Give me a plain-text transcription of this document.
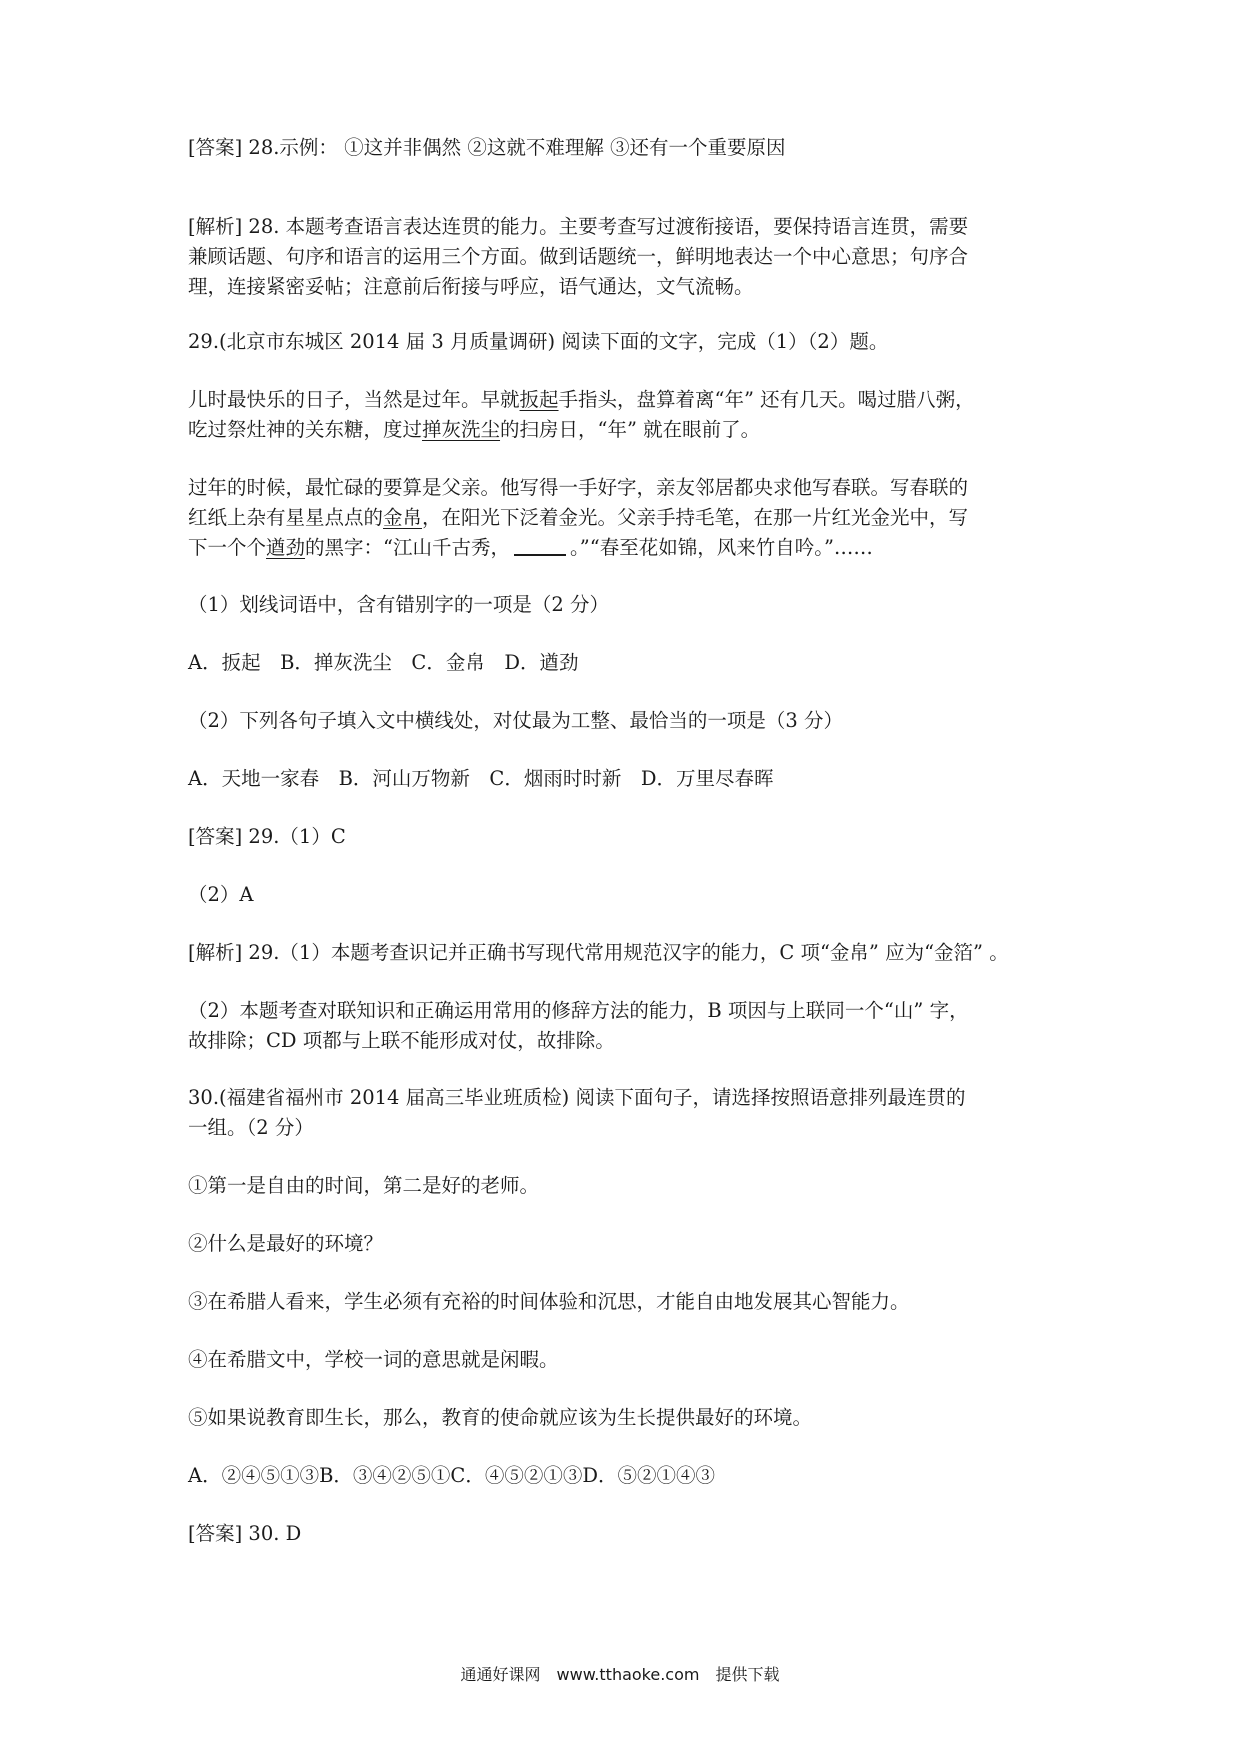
[答案] 28.示例： ①这并非偶然 ②这就不难理解 ③还有一个重要原因

[解析] 28. 本题考查语言表达连贯的能力。主要考查写过渡衔接语，要保持语言连贯，需要

兼顾话题、句序和语言的运用三个方面。做到话题统一，鲜明地表达一个中心意思；句序合

理，连接紧密妥帖；注意前后衔接与呼应，语气通达，文气流畅。

29.(北京市东城区 2014 届 3 月质量调研) 阅读下面的文字，完成（1）（2）题。

儿时最快乐的日子，当然是过年。早就扳起手指头，盘算着离“年” 还有几天。喝过腊八粥，

吃过祭灶神的关东糖，度过掸灰洗尘的扫房日，“年” 就在眼前了。

过年的时候，最忙碌的要算是父亲。他写得一手好字，亲友邻居都央求他写春联。写春联的

红纸上杂有星星点点的金帛，在阳光下泛着金光。父亲手持毛笔，在那一片红光金光中，写

下一个个遒劲的黑字：“江山千古秀，	。”“春至花如锦，风来竹自吟。”……

（1）划线词语中，含有错别字的一项是（2 分）

A．扳起　B．掸灰洗尘　C．金帛　D．遒劲

（2）下列各句子填入文中横线处，对仗最为工整、最恰当的一项是（3 分）

A．天地一家春　B．河山万物新　C．烟雨时时新　D．万里尽春晖

[答案] 29.（1）C

（2）A

[解析] 29.（1）本题考查识记并正确书写现代常用规范汉字的能力，C 项“金帛” 应为“金箔” 。

（2）本题考查对联知识和正确运用常用的修辞方法的能力，B 项因与上联同一个“山” 字，

故排除；CD 项都与上联不能形成对仗，故排除。

30.(福建省福州市 2014 届高三毕业班质检) 阅读下面句子，请选择按照语意排列最连贯的

一组。（2 分）

①第一是自由的时间，第二是好的老师。

②什么是最好的环境？

③在希腊人看来，学生必须有充裕的时间体验和沉思，才能自由地发展其心智能力。

④在希腊文中，学校一词的意思就是闲暇。

⑤如果说教育即生长，那么，教育的使命就应该为生长提供最好的环境。

A．②④⑤①③B．③④②⑤①C．④⑤②①③D．⑤②①④③

[答案] 30. D

通通好课网　www.tthaoke.com　提供下载
